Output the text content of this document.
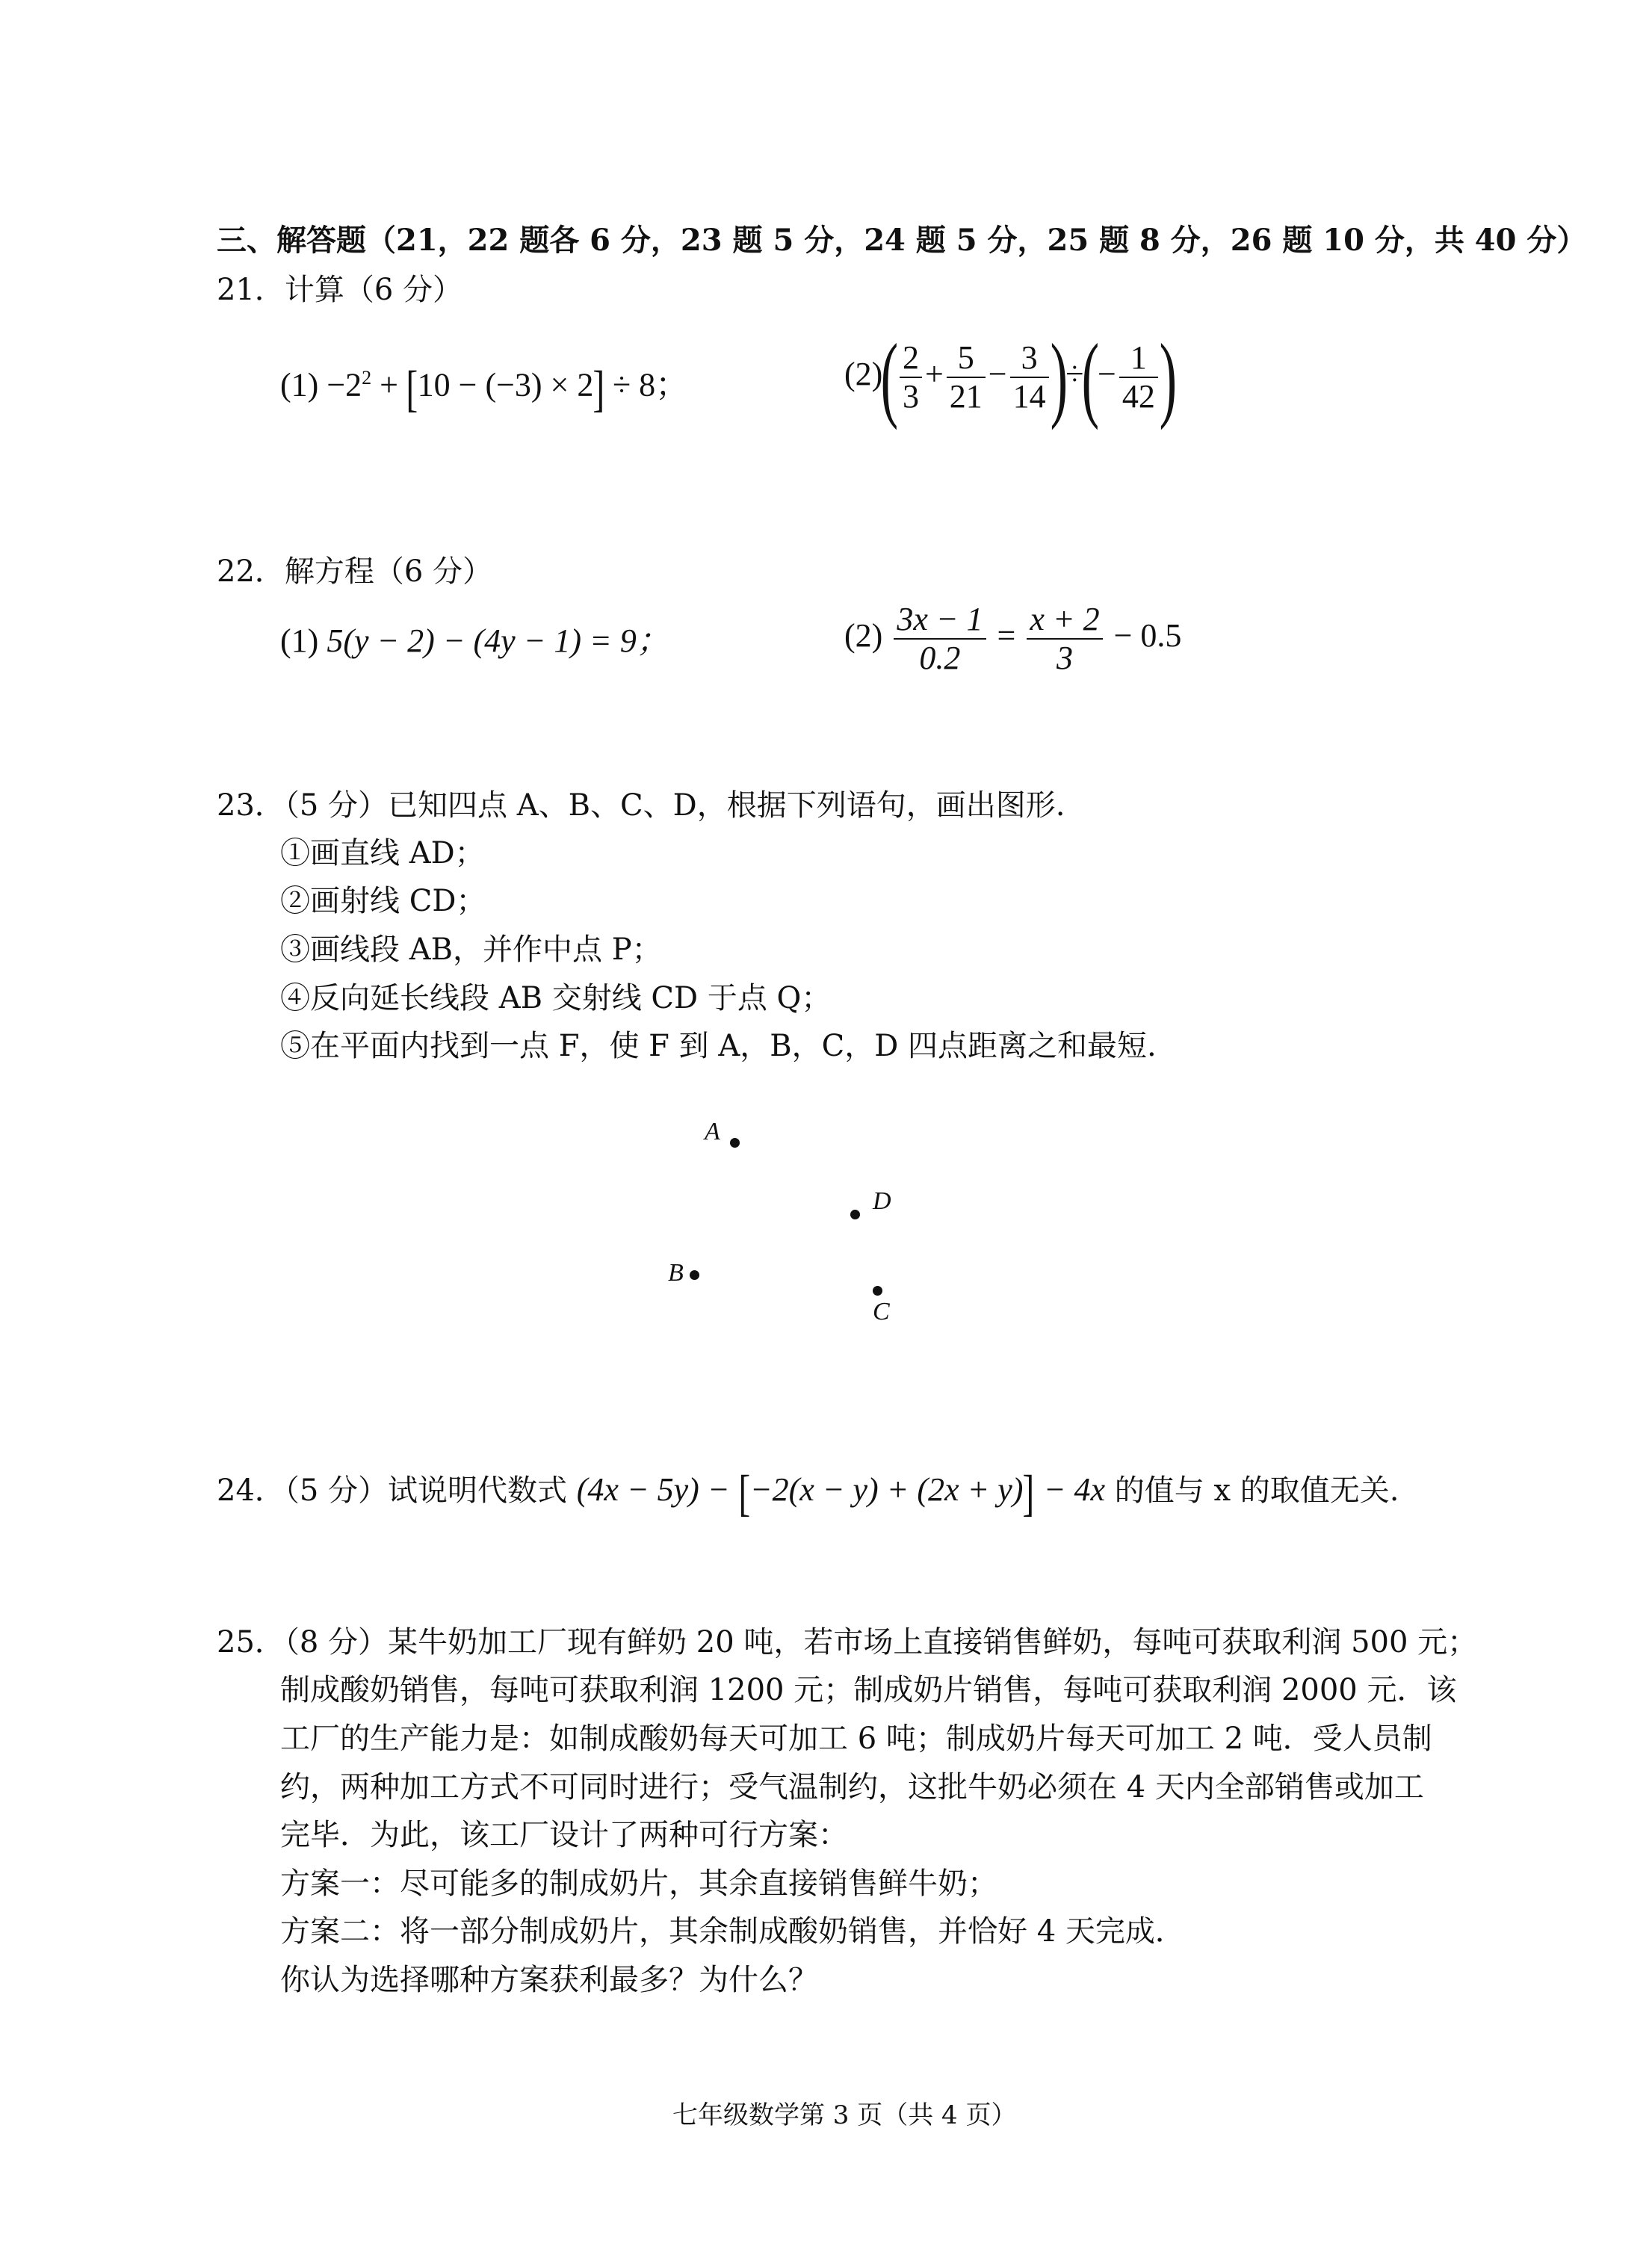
三、解答题（21，22 题各 6 分，23 题 5 分，24 题 5 分，25 题 8 分，26 题 10 分，共 40 分）
21．计算（6 分）
$(1) -2^2 + [10 - (-3) \times 2] \div 8$；	$(2)( \frac{2}{3} + \frac{5}{21} - \frac{3}{14}$ )÷(− $\frac{1}{42}$ )
22．解方程（6 分）
(1) 5(y − 2) − (4y − 1) = 9；	$(2) \frac{3x - 1}{0.2} = \frac{x + 2}{3} - 0.5$
23．（5 分）已知四点 A、B、C、D，根据下列语句，画出图形.
①画直线 AD；
②画射线 CD；
③画线段 AB，并作中点 P；
④反向延长线段 AB 交射线 CD 于点 Q；
⑤在平面内找到一点 F，使 F 到 A，B，C，D 四点距离之和最短.
A
D
B
C
24．（5 分）试说明代数式 (4x − 5y) − [−2(x − y) + (2x + y)] − 4x 的值与 x 的取值无关.
25．（8 分）某牛奶加工厂现有鲜奶 20 吨，若市场上直接销售鲜奶，每吨可获取利润 500 元；
制成酸奶销售，每吨可获取利润 1200 元；制成奶片销售，每吨可获取利润 2000 元．该
工厂的生产能力是：如制成酸奶每天可加工 6 吨；制成奶片每天可加工 2 吨．受人员制
约，两种加工方式不可同时进行；受气温制约，这批牛奶必须在 4 天内全部销售或加工
完毕．为此，该工厂设计了两种可行方案：
方案一：尽可能多的制成奶片，其余直接销售鲜牛奶；
方案二：将一部分制成奶片，其余制成酸奶销售，并恰好 4 天完成．
你认为选择哪种方案获利最多？为什么？
七年级数学第 3 页（共 4 页）
